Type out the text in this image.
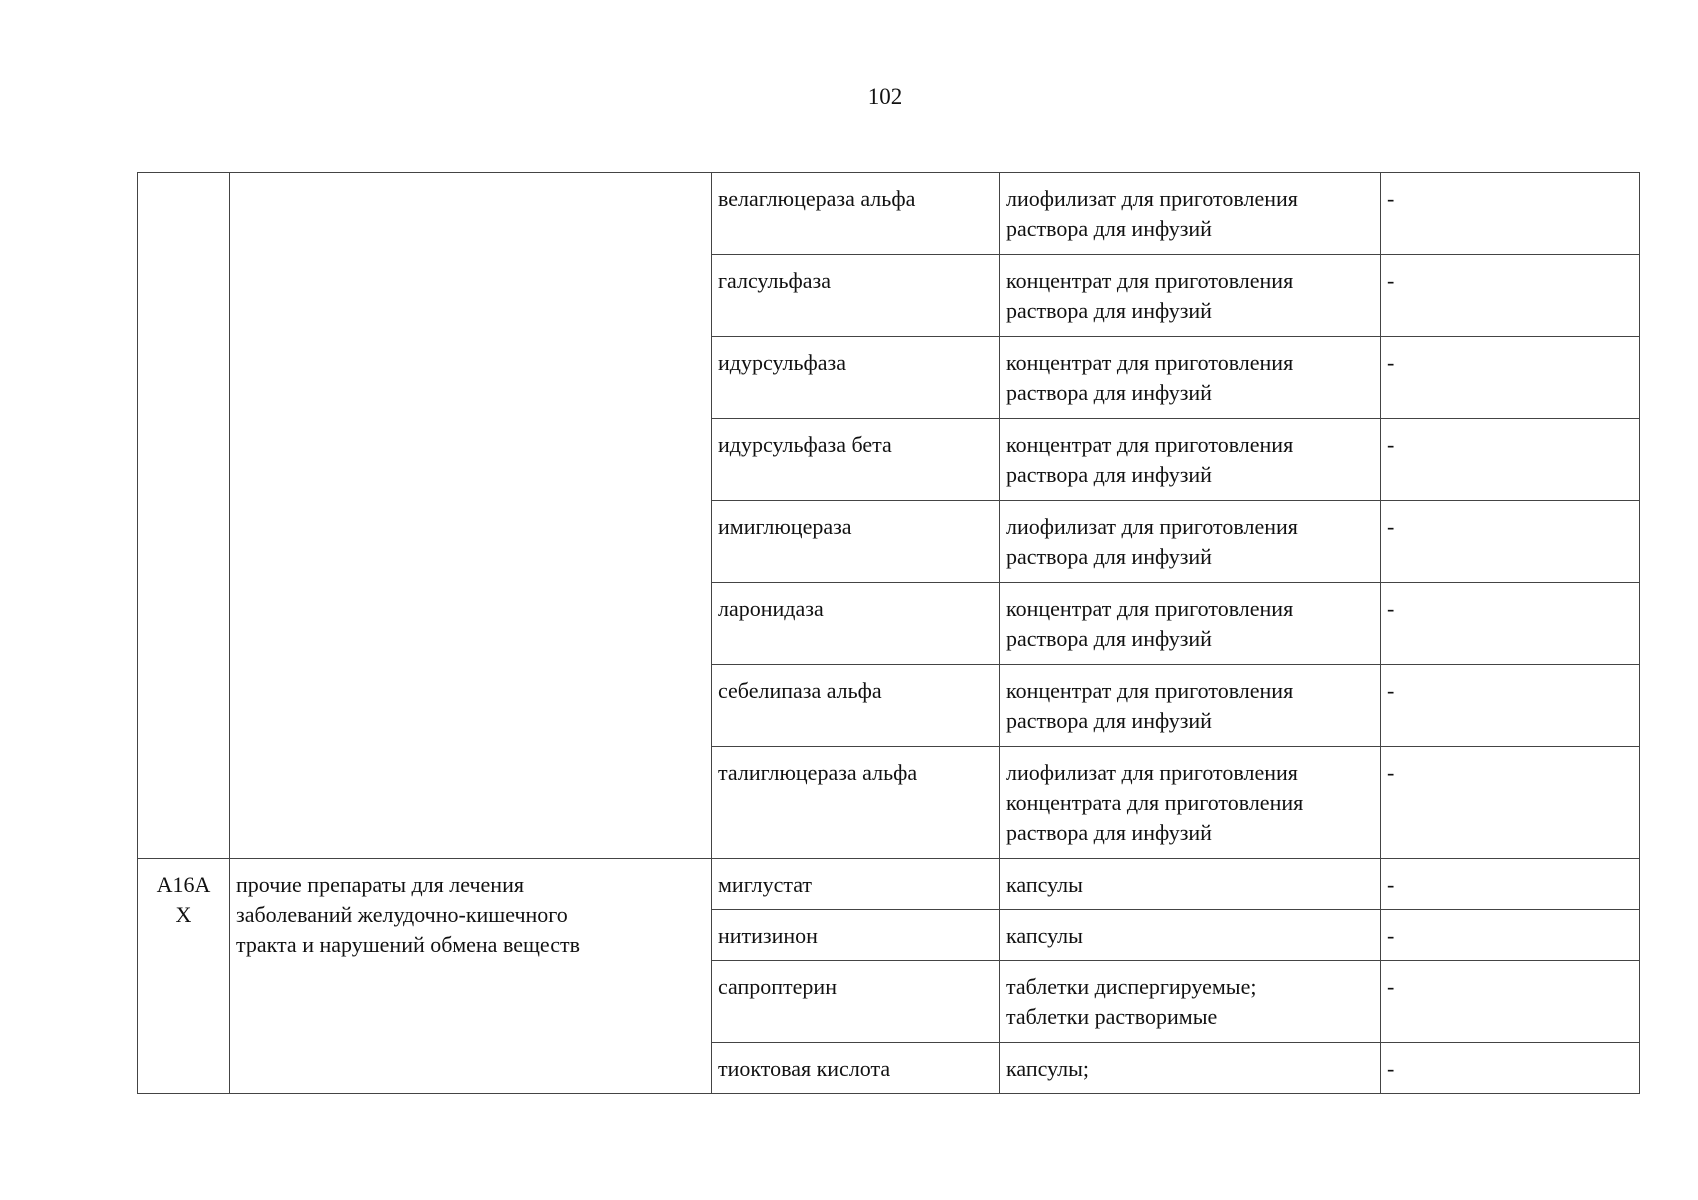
102
		велаглюцераза альфа	лиофилизат для приготовления
раствора для инфузий	-
		галсульфаза	концентрат для приготовления
раствора для инфузий	-
		идурсульфаза	концентрат для приготовления
раствора для инфузий	-
		идурсульфаза бета	концентрат для приготовления
раствора для инфузий	-
		имиглюцераза	лиофилизат для приготовления
раствора для инфузий	-
		ларонидаза	концентрат для приготовления
раствора для инфузий	-
		себелипаза альфа	концентрат для приготовления
раствора для инфузий	-
		талиглюцераза альфа	лиофилизат для приготовления
концентрата для приготовления
раствора для инфузий	-
A16A
X	прочие препараты для лечения
заболеваний желудочно-кишечного
тракта и нарушений обмена веществ	миглустат	капсулы	-
		нитизинон	капсулы	-
		сапроптерин	таблетки диспергируемые;
таблетки растворимые	-
		тиоктовая кислота	капсулы;	-
